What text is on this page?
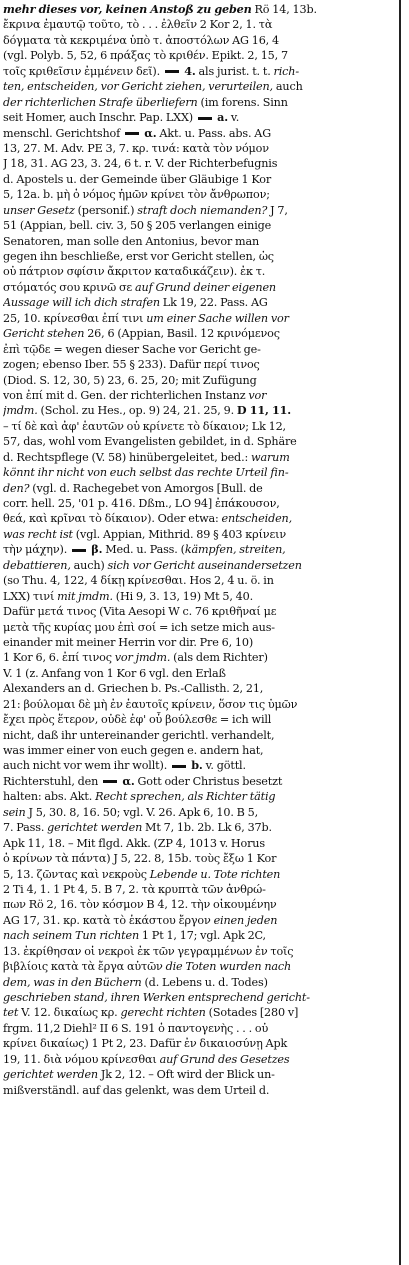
mehr dieses vor, keinen Anstoß zu geben Rö 14, 13b.
ἔκρινα ἐμαυτῷ τοῦτο, τὸ . . . ἐλθεῖν 2 Kor 2, 1. τὰ
δόγματα τὰ κεκριμένα ὑπὸ τ. ἀποστόλων AG 16, 4
(vgl. Polyb. 5, 52, 6 πράξας τὸ κριθέν. Epikt. 2, 15, 7
τοῖς κριθεῖσιν ἐμμένειν δεῖ).  4. als jurist. t. t. rich-
ten, entscheiden, vor Gericht ziehen, verurteilen, auch
der richterlichen Strafe überliefern (im forens. Sinn
seit Homer, auch Inschr. Pap. LXX)  a. v.
menschl. Gerichtshof  α. Akt. u. Pass. abs. AG
13, 27. M. Adv. PE 3, 7. κρ. τινά: κατὰ τὸν νόμον
J 18, 31. AG 23, 3. 24, 6 t. r. V. der Richterbefugnis
d. Apostels u. der Gemeinde über Gläubige 1 Kor
5, 12a. b. μὴ ὁ νόμος ἡμῶν κρίνει τὸν ἄνθρωπον;
unser Gesetz (personif.) straft doch niemanden? J 7,
51 (Appian, bell. civ. 3, 50 § 205 verlangen einige
Senatoren, man solle den Antonius, bevor man
gegen ihn beschließe, erst vor Gericht stellen, ὡς
οὐ πάτριον σφίσιν ἄκριτον καταδικάζειν). ἐκ τ.
στόματός σου κρινῶ σε auf Grund deiner eigenen
Aussage will ich dich strafen Lk 19, 22. Pass. AG
25, 10. κρίνεσθαι ἐπί τινι um einer Sache willen vor
Gericht stehen 26, 6 (Appian, Basil. 12 κρινόμενος
ἐπὶ τῷδε = wegen dieser Sache vor Gericht ge-
zogen; ebenso Iber. 55 § 233). Dafür περί τινος
(Diod. S. 12, 30, 5) 23, 6. 25, 20; mit Zufügung
von ἐπί mit d. Gen. der richterlichen Instanz vor
jmdm. (Schol. zu Hes., op. 9) 24, 21. 25, 9. D 11, 11.
– τί δὲ καὶ ἀφ' ἑαυτῶν οὐ κρίνετε τὸ δίκαιον; Lk 12,
57, das, wohl vom Evangelisten gebildet, in d. Sphäre
d. Rechtspflege (V. 58) hinübergeleitet, bed.: warum
könnt ihr nicht von euch selbst das rechte Urteil fin-
den? (vgl. d. Rachegebet von Amorgos [Bull. de
corr. hell. 25, '01 p. 416. Dßm., LO 94] ἐπάκουσον,
θεά, καὶ κρῖναι τὸ δίκαιον). Oder etwa: entscheiden,
was recht ist (vgl. Appian, Mithrid. 89 § 403 κρίνειν
τὴν μάχην).  β. Med. u. Pass. (kämpfen, streiten,
debattieren, auch) sich vor Gericht auseinandersetzen
(so Thu. 4, 122, 4 δίκῃ κρίνεσθαι. Hos 2, 4 u. ö. in
LXX) τινί mit jmdm. (Hi 9, 3. 13, 19) Mt 5, 40.
Dafür μετά τινος (Vita Aesopi W c. 76 κριθῆναί με
μετὰ τῆς κυρίας μου ἐπὶ σοί = ich setze mich aus-
einander mit meiner Herrin vor dir. Pre 6, 10)
1 Kor 6, 6. ἐπί τινος vor jmdm. (als dem Richter)
V. 1 (z. Anfang von 1 Kor 6 vgl. den Erlaß
Alexanders an d. Griechen b. Ps.-Callisth. 2, 21,
21: βούλομαι δὲ μὴ ἐν ἑαυτοῖς κρίνειν, ὅσον τις ὑμῶν
ἔχει πρὸς ἕτερον, οὐδὲ ἐφ' οὗ βούλεσθε = ich will
nicht, daß ihr untereinander gerichtl. verhandelt,
was immer einer von euch gegen e. andern hat,
auch nicht vor wem ihr wollt).  b. v. göttl.
Richterstuhl, den  α. Gott oder Christus besetzt
halten: abs. Akt. Recht sprechen, als Richter tätig
sein J 5, 30. 8, 16. 50; vgl. V. 26. Apk 6, 10. B 5,
7. Pass. gerichtet werden Mt 7, 1b. 2b. Lk 6, 37b.
Apk 11, 18. – Mit flgd. Akk. (ZP 4, 1013 v. Horus
ὁ κρίνων τὰ πάντα) J 5, 22. 8, 15b. τοὺς ἔξω 1 Kor
5, 13. ζῶντας καὶ νεκροὺς Lebende u. Tote richten
2 Ti 4, 1. 1 Pt 4, 5. B 7, 2. τὰ κρυπτὰ τῶν ἀνθρώ-
πων Rö 2, 16. τὸν κόσμον B 4, 12. τὴν οἰκουμένην
AG 17, 31. κρ. κατὰ τὸ ἑκάστου ἔργον einen jeden
nach seinem Tun richten 1 Pt 1, 17; vgl. Apk 2C,
13. ἐκρίθησαν οἱ νεκροὶ ἐκ τῶν γεγραμμένων ἐν τοῖς
βιβλίοις κατὰ τὰ ἔργα αὐτῶν die Toten wurden nach
dem, was in den Büchern (d. Lebens u. d. Todes)
geschrieben stand, ihren Werken entsprechend gericht-
tet V. 12. δικαίως κρ. gerecht richten (Sotades [280 v]
frgm. 11,2 Diehl² II 6 S. 191 ὁ παντογενὴς . . . οὐ
κρίνει δικαίως) 1 Pt 2, 23. Dafür ἐν δικαιοσύνῃ Apk
19, 11. διὰ νόμου κρίνεσθαι auf Grund des Gesetzes
gerichtet werden Jk 2, 12. – Oft wird der Blick un-
mißverständl. auf das gelenkt, was dem Urteil d.
